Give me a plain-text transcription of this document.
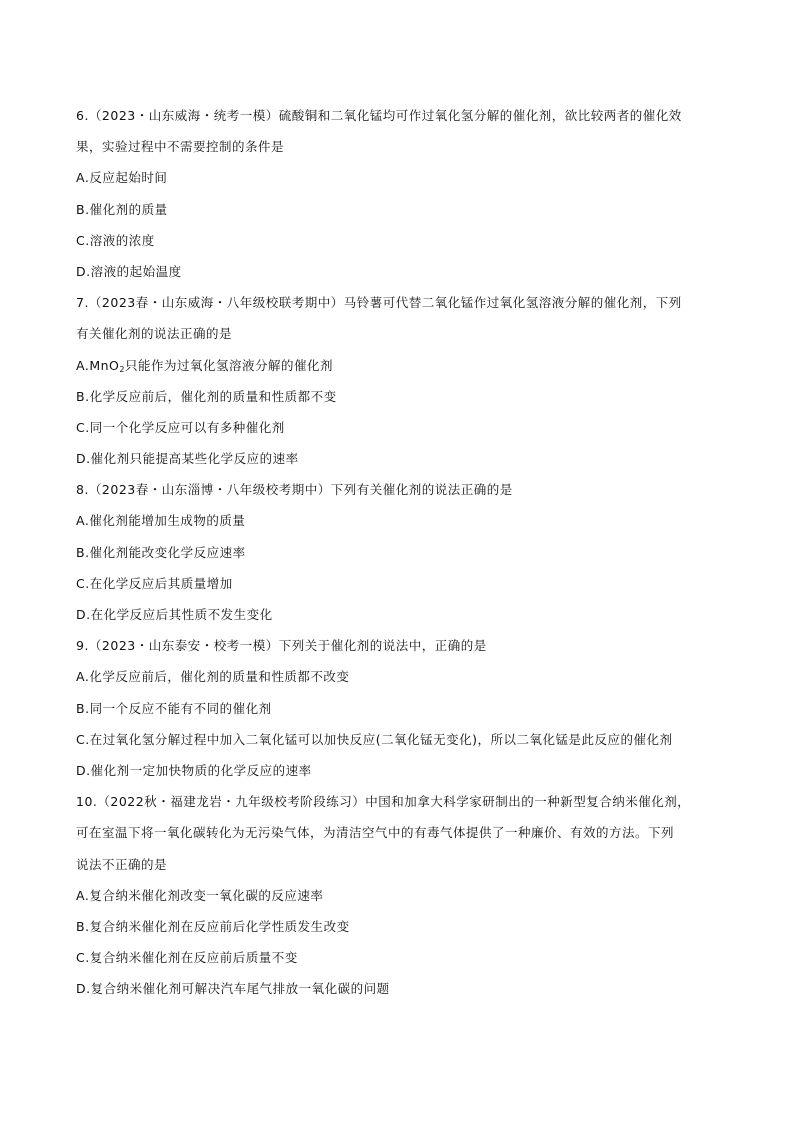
6.（2023・山东威海・统考一模）硫酸铜和二氧化锰均可作过氧化氢分解的催化剂，欲比较两者的催化效
果，实验过程中不需要控制的条件是
A.反应起始时间
B.催化剂的质量
C.溶液的浓度
D.溶液的起始温度
7.（2023春・山东威海・八年级校联考期中）马铃薯可代替二氧化锰作过氧化氢溶液分解的催化剂，下列
有关催化剂的说法正确的是
A.MnO$_2$只能作为过氧化氢溶液分解的催化剂
B.化学反应前后，催化剂的质量和性质都不变
C.同一个化学反应可以有多种催化剂
D.催化剂只能提高某些化学反应的速率
8.（2023春・山东淄博・八年级校考期中）下列有关催化剂的说法正确的是
A.催化剂能增加生成物的质量
B.催化剂能改变化学反应速率
C.在化学反应后其质量增加
D.在化学反应后其性质不发生变化
9.（2023・山东泰安・校考一模）下列关于催化剂的说法中，正确的是
A.化学反应前后，催化剂的质量和性质都不改变
B.同一个反应不能有不同的催化剂
C.在过氧化氢分解过程中加入二氧化锰可以加快反应(二氧化锰无变化)，所以二氧化锰是此反应的催化剂
D.催化剂一定加快物质的化学反应的速率
10.（2022秋・福建龙岩・九年级校考阶段练习）中国和加拿大科学家研制出的一种新型复合纳米催化剂，
可在室温下将一氧化碳转化为无污染气体，为清洁空气中的有毒气体提供了一种廉价、有效的方法。下列
说法不正确的是
A.复合纳米催化剂改变一氧化碳的反应速率
B.复合纳米催化剂在反应前后化学性质发生改变
C.复合纳米催化剂在反应前后质量不变
D.复合纳米催化剂可解决汽车尾气排放一氧化碳的问题
